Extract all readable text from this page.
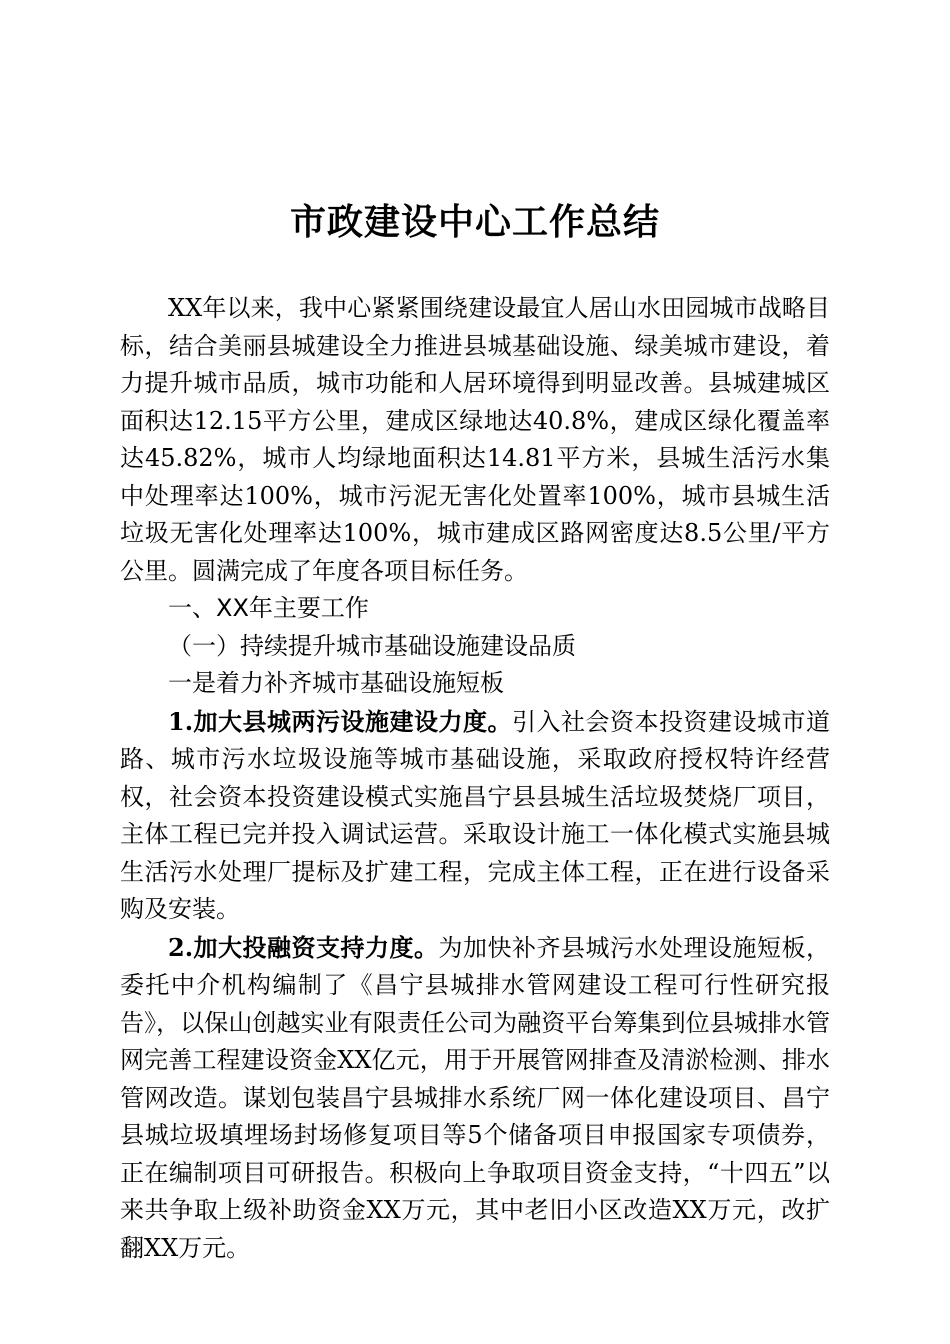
市政建设中心工作总结

XX年以来，我中心紧紧围绕建设最宜人居山水田园城市战略目标，结合美丽县城建设全力推进县城基础设施、绿美城市建设，着力提升城市品质，城市功能和人居环境得到明显改善。县城建城区面积达12.15平方公里，建成区绿地达40.8%，建成区绿化覆盖率达45.82%，城市人均绿地面积达14.81平方米，县城生活污水集中处理率达100%，城市污泥无害化处置率100%，城市县城生活垃圾无害化处理率达100%，城市建成区路网密度达8.5公里/平方公里。圆满完成了年度各项目标任务。

一、XX年主要工作

（一）持续提升城市基础设施建设品质

一是着力补齐城市基础设施短板

1.加大县城两污设施建设力度。引入社会资本投资建设城市道路、城市污水垃圾设施等城市基础设施，采取政府授权特许经营权，社会资本投资建设模式实施昌宁县县城生活垃圾焚烧厂项目，主体工程已完并投入调试运营。采取设计施工一体化模式实施县城生活污水处理厂提标及扩建工程，完成主体工程，正在进行设备采购及安装。

2.加大投融资支持力度。为加快补齐县城污水处理设施短板，委托中介机构编制了《昌宁县城排水管网建设工程可行性研究报告》，以保山创越实业有限责任公司为融资平台筹集到位县城排水管网完善工程建设资金XX亿元，用于开展管网排查及清淤检测、排水管网改造。谋划包装昌宁县城排水系统厂网一体化建设项目、昌宁县城垃圾填埋场封场修复项目等5个储备项目申报国家专项债券，正在编制项目可研报告。积极向上争取项目资金支持，“十四五”以来共争取上级补助资金XX万元，其中老旧小区改造XX万元，改扩翻XX万元。
